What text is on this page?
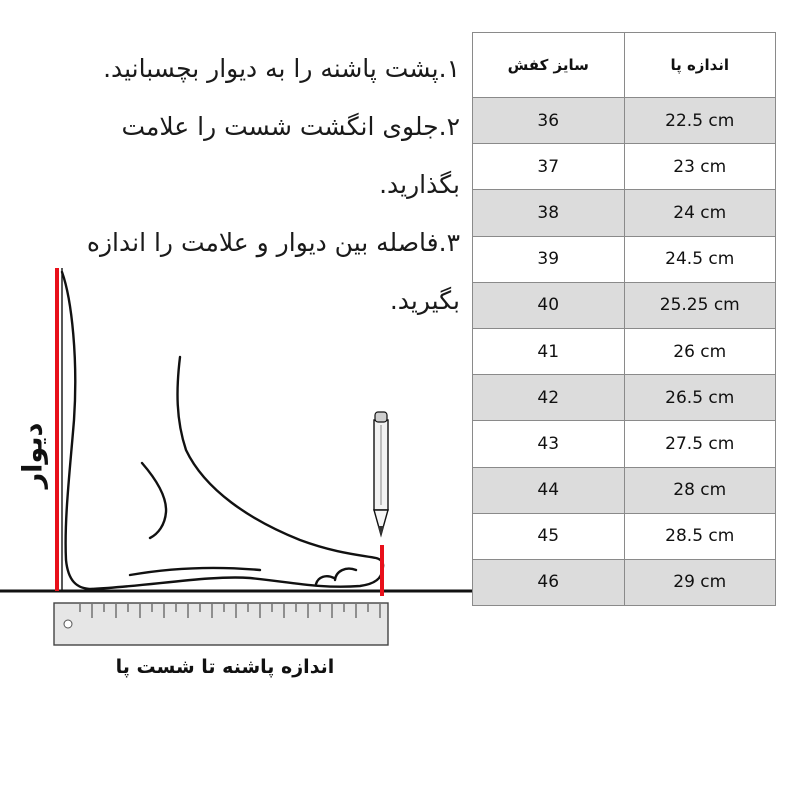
۱.پشت پاشنه را به دیوار بچسبانید.

۲.جلوی انگشت شست را علامت بگذارید.

۳.فاصله بین دیوار و علامت را اندازه بگیرید.

سایز کفش	اندازه پا
36	22.5 cm
37	23 cm
38	24 cm
39	24.5 cm
40	25.25 cm
41	26 cm
42	26.5 cm
43	27.5 cm
44	28 cm
45	28.5 cm
46	29 cm
دیوار
اندازه پاشنه تا شست پا
